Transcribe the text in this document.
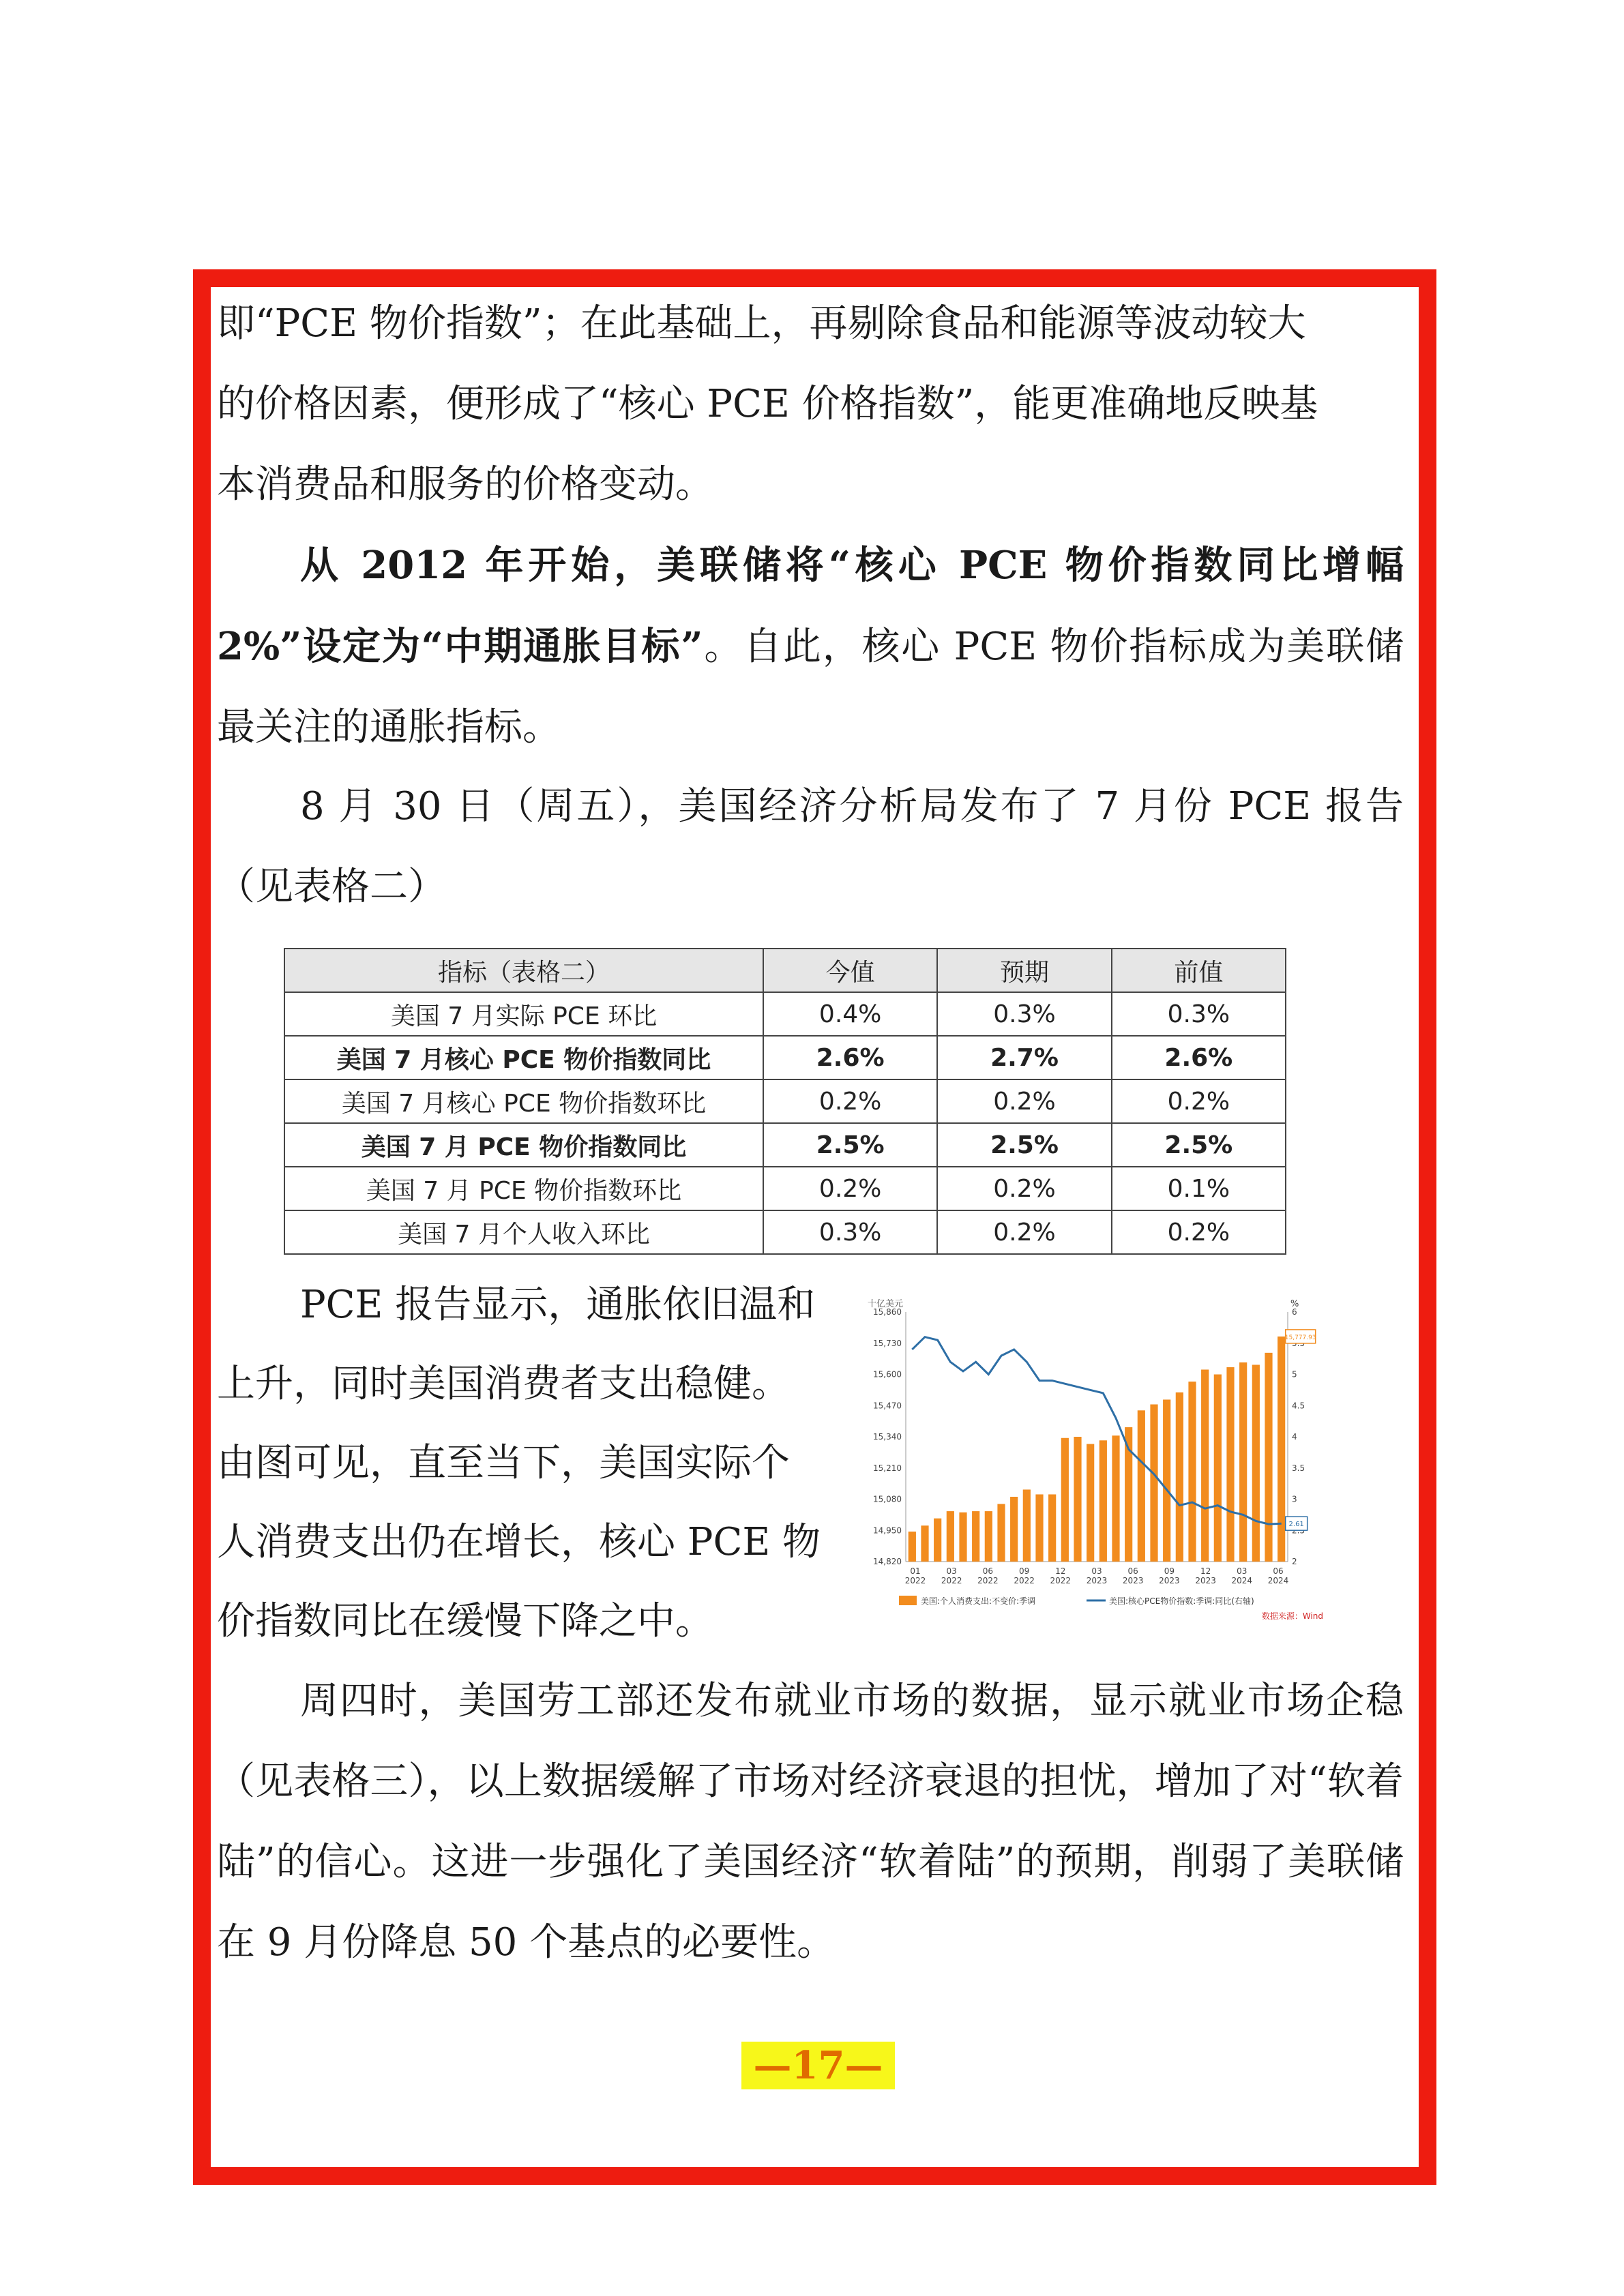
即“PCE 物价指数”；在此基础上，再剔除食品和能源等波动较大
的价格因素，便形成了“核心 PCE 价格指数”，能更准确地反映基
本消费品和服务的价格变动。

从 2012 年开始，美联储将“核心 PCE 物价指数同比增幅 2%”设定为“中期通胀目标”。自此，核心 PCE 物价指标成为美联储最关注的通胀指标。

8 月 30 日（周五），美国经济分析局发布了 7 月份 PCE 报告（见表格二）

指标（表格二）	今值	预期	前值
美国 7 月实际 PCE 环比	0.4%	0.3%	0.3%
美国 7 月核心 PCE 物价指数同比	2.6%	2.7%	2.6%
美国 7 月核心 PCE 物价指数环比	0.2%	0.2%	0.2%
美国 7 月 PCE 物价指数同比	2.5%	2.5%	2.5%
美国 7 月 PCE 物价指数环比	0.2%	0.2%	0.1%
美国 7 月个人收入环比	0.3%	0.2%	0.2%

PCE 报告显示，通胀依旧温和
上升，同时美国消费者支出稳健。
由图可见，直至当下，美国实际个
人消费支出仍在增长，核心 PCE 物
价指数同比在缓慢下降之中。

十亿美元	%
14,820
14,950
15,080
15,210
15,340
15,470
15,600
15,730
15,860
2
3
3.5
4
4.5
5
6
15,777.93
2.61
01
2022
03
2022
06
2022
09
2022
12
2022
03
2023
06
2023
09
2023
12
2023
03
2024
06
2024
美国:个人消费支出:不变价:季调	美国:核心PCE物价指数:季调:同比(右轴)
数据来源：Wind

周四时，美国劳工部还发布就业市场的数据，显示就业市场企稳（见表格三），以上数据缓解了市场对经济衰退的担忧，增加了对“软着陆”的信心。这进一步强化了美国经济“软着陆”的预期，削弱了美联储在 9 月份降息 50 个基点的必要性。

—17—
